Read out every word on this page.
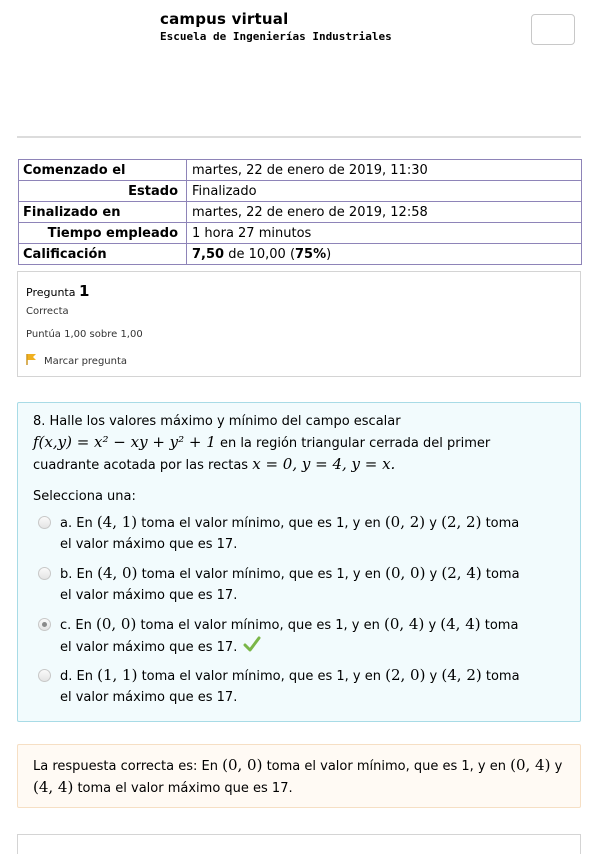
campus virtual
Escuela de Ingenierías Industriales
Comenzado el	martes, 22 de enero de 2019, 11:30
Estado	Finalizado
Finalizado en	martes, 22 de enero de 2019, 12:58
Tiempo empleado	1 hora 27 minutos
Calificación	7,50 de 10,00 (75%)
Pregunta 1
Correcta
Puntúa 1,00 sobre 1,00
Marcar pregunta
8. Halle los valores máximo y mínimo del campo escalar
f(x,y) = x² − xy + y² + 1 en la región triangular cerrada del primer
cuadrante acotada por las rectas x = 0, y = 4, y = x.
Selecciona una:
a. En (4, 1) toma el valor mínimo, que es 1, y en (0, 2) y (2, 2) toma
el valor máximo que es 17.
b. En (4, 0) toma el valor mínimo, que es 1, y en (0, 0) y (2, 4) toma
el valor máximo que es 17.
c. En (0, 0) toma el valor mínimo, que es 1, y en (0, 4) y (4, 4) toma
el valor máximo que es 17.
d. En (1, 1) toma el valor mínimo, que es 1, y en (2, 0) y (4, 2) toma
el valor máximo que es 17.
La respuesta correcta es: En (0, 0) toma el valor mínimo, que es 1, y en (0, 4) y
(4, 4) toma el valor máximo que es 17.
